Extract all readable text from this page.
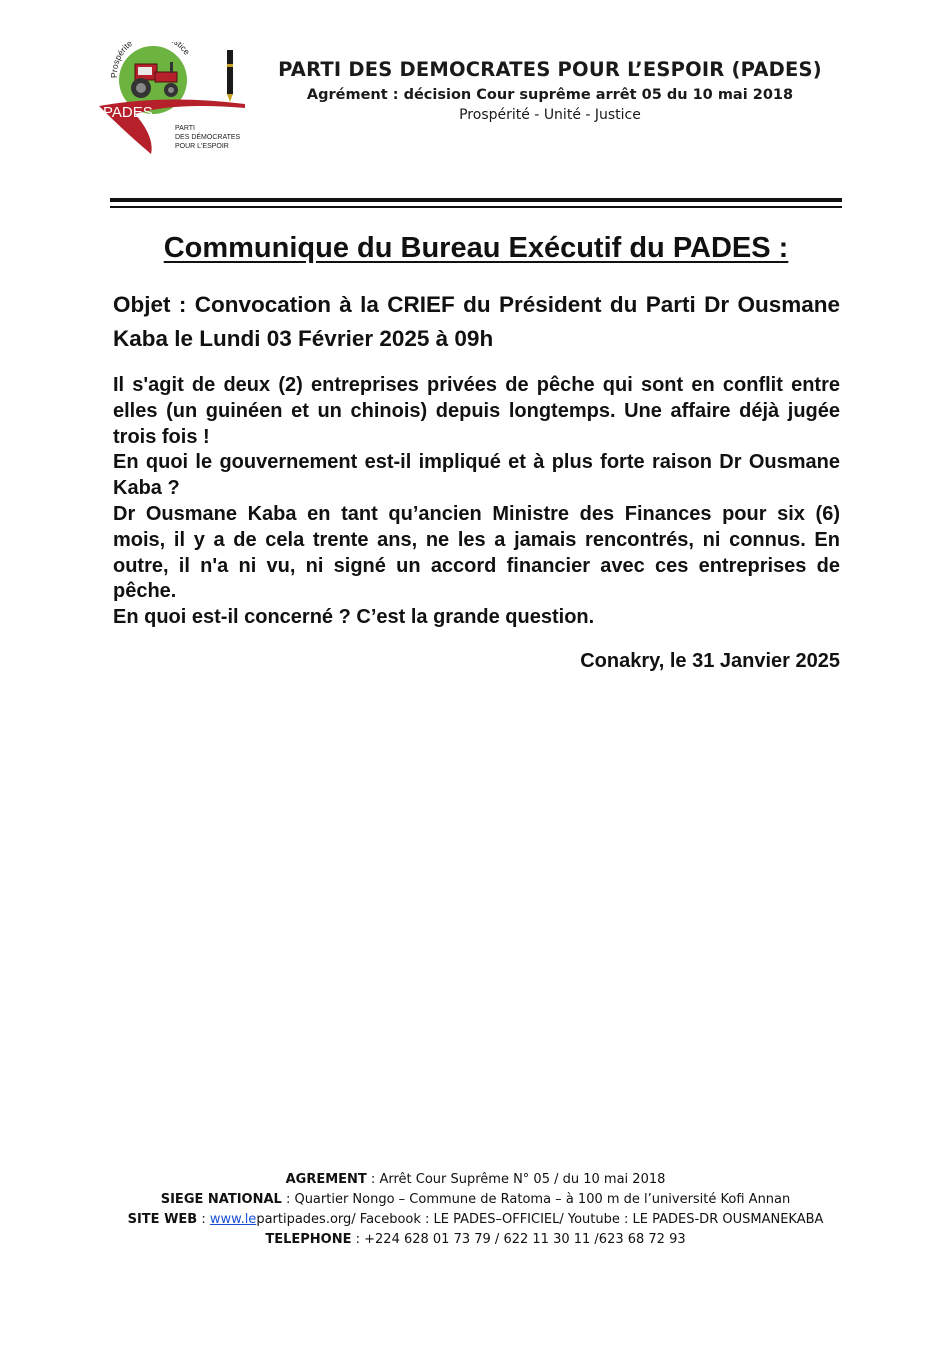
Prospérité tice
PADES
PARTI
DES DÉMOCRATES
POUR L'ESPOIR
PARTI DES DEMOCRATES POUR L’ESPOIR (PADES)
Agrément : décision Cour suprême arrêt 05 du 10 mai 2018
Prospérité - Unité - Justice
Communique du Bureau Exécutif du PADES :
Objet : Convocation à la CRIEF du Président du Parti Dr Ousmane Kaba le Lundi 03 Février 2025 à 09h

Il s'agit de deux (2) entreprises privées de pêche qui sont en conflit entre elles (un guinéen et un chinois) depuis longtemps. Une affaire déjà jugée trois fois !

En quoi le gouvernement est-il impliqué et à plus forte raison Dr Ousmane Kaba ?

Dr Ousmane Kaba en tant qu’ancien Ministre des Finances pour six (6) mois, il y a de cela trente ans, ne les a jamais rencontrés, ni connus. En outre, il n'a ni vu, ni signé un accord financier avec ces entreprises de pêche.

En quoi est-il concerné ? C’est la grande question.

Conakry, le 31 Janvier 2025
AGREMENT : Arrêt Cour Suprême N° 05 / du 10 mai 2018
SIEGE NATIONAL : Quartier Nongo – Commune de Ratoma – à 100 m de l’université Kofi Annan
SITE WEB : www.lepartipades.org/ Facebook : LE PADES–OFFICIEL/ Youtube : LE PADES-DR OUSMANEKABA
TELEPHONE : +224 628 01 73 79 / 622 11 30 11 /623 68 72 93
